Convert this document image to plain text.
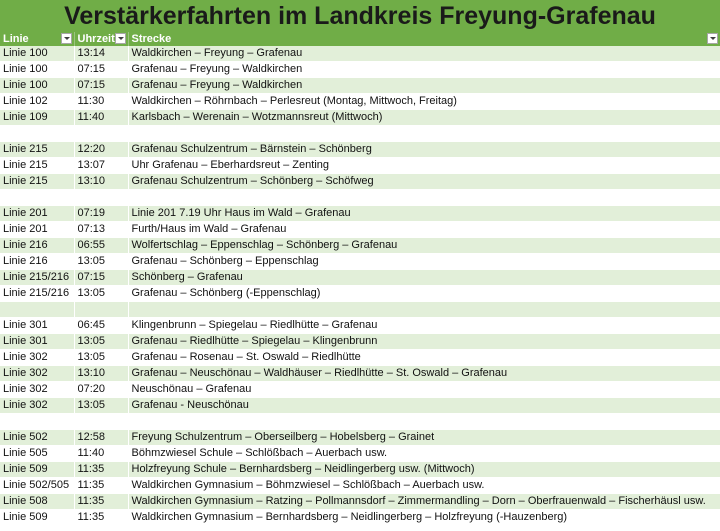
Verstärkerfahrten im Landkreis Freyung-Grafenau
Linie	Uhrzeit	Strecke

Linie 100	13:14	Waldkirchen – Freyung – Grafenau
Linie 100	07:15	Grafenau – Freyung – Waldkirchen
Linie 100	07:15	Grafenau – Freyung – Waldkirchen
Linie 102	11:30	Waldkirchen – Röhrnbach – Perlesreut (Montag, Mittwoch, Freitag)
Linie 109	11:40	Karlsbach – Werenain – Wotzmannsreut (Mittwoch)

Linie 215	12:20	Grafenau Schulzentrum – Bärnstein – Schönberg
Linie 215	13:07	Uhr Grafenau – Eberhardsreut – Zenting
Linie 215	13:10	Grafenau Schulzentrum – Schönberg – Schöfweg

Linie 201	07:19	Linie 201 7.19 Uhr Haus im Wald – Grafenau
Linie 201	07:13	Furth/Haus im Wald – Grafenau
Linie 216	06:55	Wolfertschlag – Eppenschlag – Schönberg – Grafenau
Linie 216	13:05	Grafenau – Schönberg – Eppenschlag
Linie 215/216	07:15	Schönberg – Grafenau
Linie 215/216	13:05	Grafenau – Schönberg (-Eppenschlag)

Linie 301	06:45	Klingenbrunn – Spiegelau – Riedlhütte – Grafenau
Linie 301	13:05	Grafenau – Riedlhütte – Spiegelau – Klingenbrunn
Linie 302	13:05	Grafenau – Rosenau – St. Oswald – Riedlhütte
Linie 302	13:10	Grafenau – Neuschönau – Waldhäuser – Riedlhütte – St. Oswald – Grafenau
Linie 302	07:20	Neuschönau – Grafenau
Linie 302	13:05	Grafenau - Neuschönau

Linie 502	12:58	Freyung Schulzentrum – Oberseilberg – Hobelsberg – Grainet
Linie 505	11:40	Böhmzwiesel Schule – Schlößbach – Auerbach usw.
Linie 509	11:35	Holzfreyung Schule – Bernhardsberg – Neidlingerberg usw. (Mittwoch)
Linie 502/505	11:35	Waldkirchen Gymnasium – Böhmzwiesel – Schlößbach – Auerbach usw.
Linie 508	11:35	Waldkirchen Gymnasium – Ratzing – Pollmannsdorf – Zimmermandling – Dorn – Oberfrauenwald – Fischerhäusl usw.
Linie 509	11:35	Waldkirchen Gymnasium – Bernhardsberg – Neidlingerberg – Holzfreyung (-Hauzenberg)
